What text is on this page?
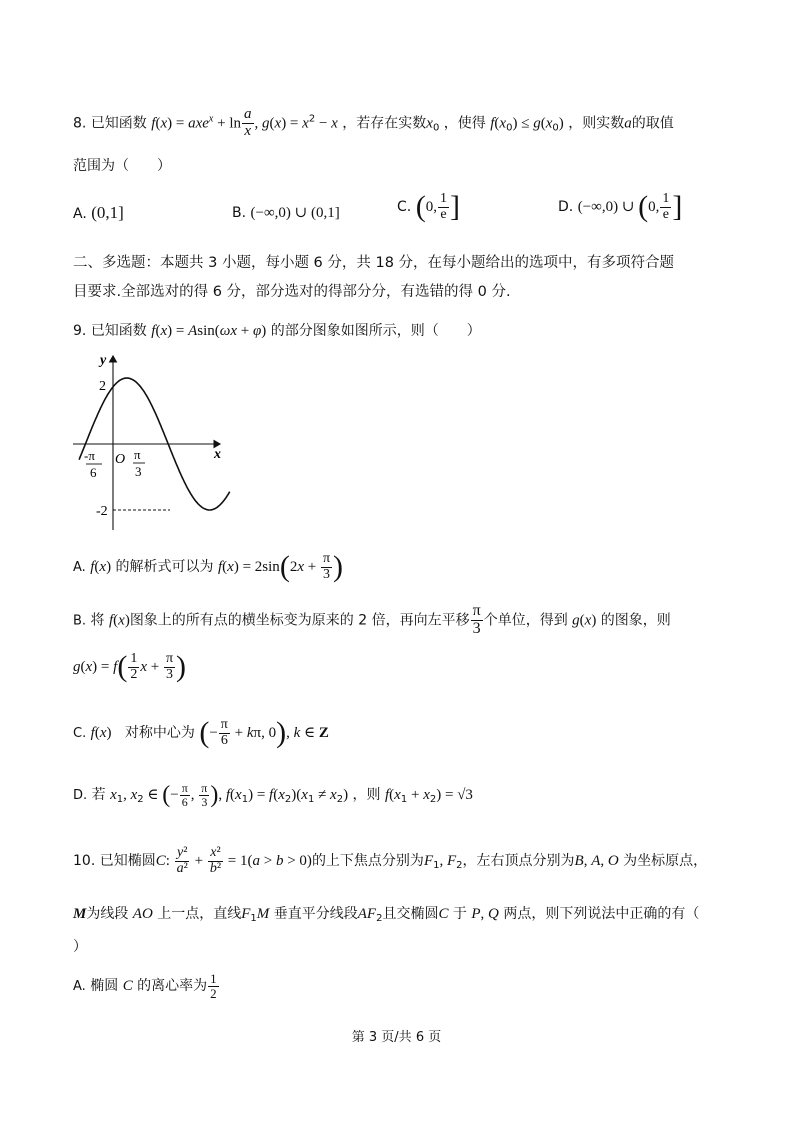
8. 已知函数 $f(x) = axe^x + \ln \frac{a}{x}$ , $g(x) = x^2 - x$ ，若存在实数$x_0$ ，使得 $f(x_0) \le g(x_0)$ ，则实数a的取值
范围为（　　）
A. (0,1]	B. (−∞,0) ∪ (0,1]	C. (0, $\frac{1}{e}$ ]	D. (−∞,0) ∪ (0, $\frac{1}{e}$ ]
二、多选题：本题共 3 小题，每小题 6 分，共 18 分，在每小题给出的选项中，有多项符合题
目要求.全部选对的得 6 分，部分选对的得部分分，有选错的得 0 分.
9. 已知函数 f(x) = Asin(ωx + φ) 的部分图象如图所示，则（　　）
y
x
O
2
-2
-π
6
π
3
A. f(x) 的解析式可以为 $f(x) = 2\sin(2x + \frac{\pi}{3}$ )
B. 将 f(x)图象上的所有点的横坐标变为原来的 2 倍，再向左平移 $\frac{\pi}{3}$ 个单位，得到 g(x) 的图象，则
$g(x) = f( \frac{1}{2}$ $x + \frac{\pi}{3}$ )
C. f(x) 对称中心为 (− $\frac{\pi}{6} + k\pi$, 0), k ∈ Z
D. 若 $x_1$, $x_2$ ∈ (− $\frac{\pi}{6}$ , $\frac{\pi}{3}$ ), $f(x_1) = f(x_2)(x_1 \ne x_2)$ ，则 $f(x_1 + x_2) = √3$
10. 已知椭圆C: $\frac{\text{y²}}{\text{a²}} + \frac{\text{x²}}{\text{b²}} = 1(a > b > 0)$的上下焦点分别为$F_1$, $F_2$，左右顶点分别为B, A, O 为坐标原点，
M为线段 AO 上一点，直线$F_1M$ 垂直平分线段$AF_2$且交椭圆C 于 P, Q 两点，则下列说法中正确的有（
）
A. 椭圆 C 的离心率为 $\frac{1}{2}$
第 3 页/共 6 页
